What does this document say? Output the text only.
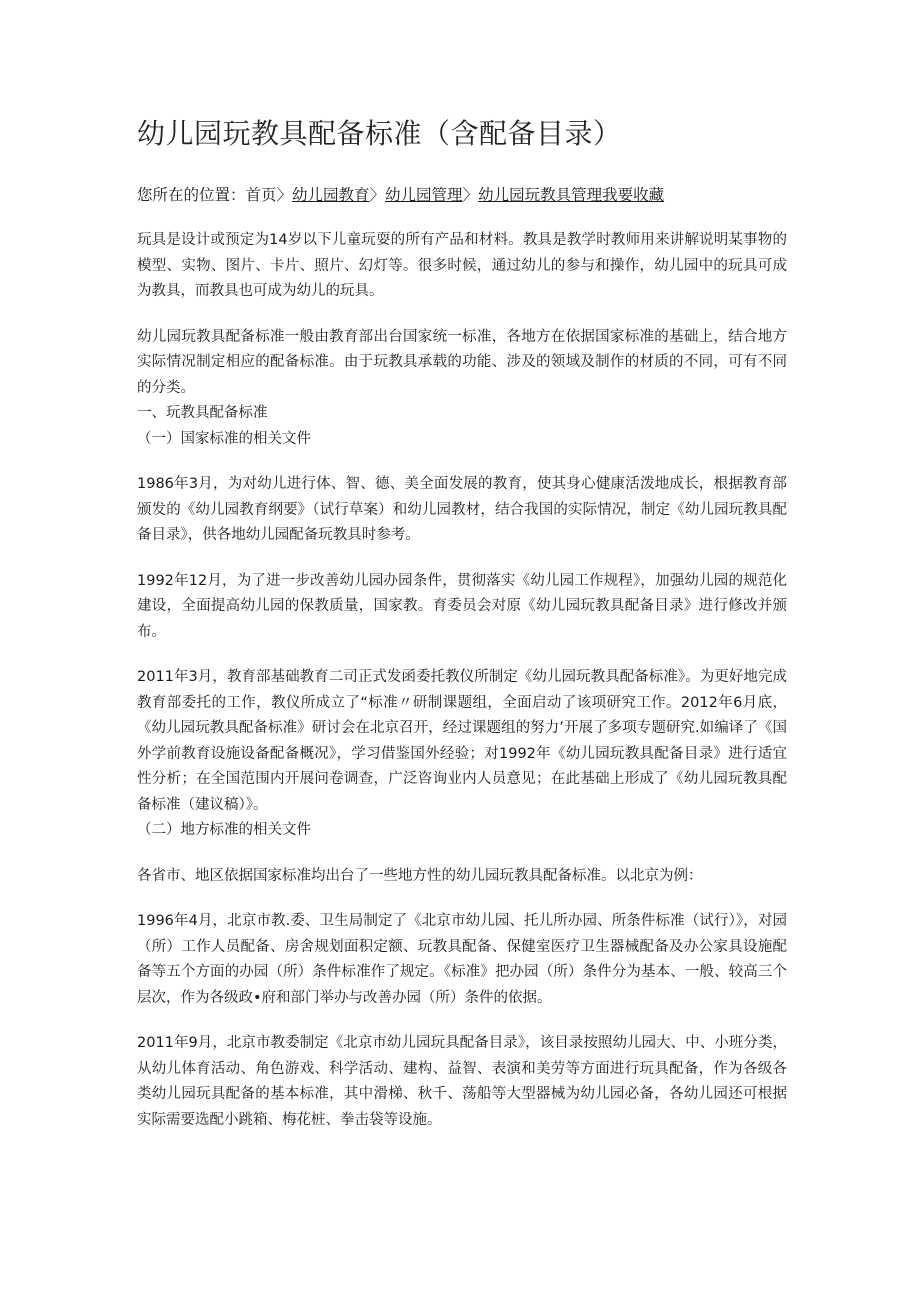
幼儿园玩教具配备标准（含配备目录）
您所在的位置：首页〉幼儿园教育〉幼儿园管理〉幼儿园玩教具管理我要收藏

玩具是设计或预定为14岁以下儿童玩耍的所有产品和材料。教具是教学时教师用来讲解说明某事物的模型、实物、图片、卡片、照片、幻灯等。很多时候，通过幼儿的参与和操作，幼儿园中的玩具可成为教具，而教具也可成为幼儿的玩具。

幼儿园玩教具配备标准一般由教育部出台国家统一标准，各地方在依据国家标准的基础上，结合地方实际情况制定相应的配备标准。由于玩教具承载的功能、涉及的领域及制作的材质的不同，可有不同的分类。

一、玩教具配备标准

（一）国家标准的相关文件

1986年3月，为对幼儿进行体、智、德、美全面发展的教育，使其身心健康活泼地成长，根据教育部颁发的《幼儿园教育纲要》（试行草案）和幼儿园教材，结合我国的实际情况，制定《幼儿园玩教具配备目录》，供各地幼儿园配备玩教具时参考。

1992年12月，为了进一步改善幼儿园办园条件，贯彻落实《幼儿园工作规程》，加强幼儿园的规范化建设，全面提高幼儿园的保教质量，国家教。育委员会对原《幼儿园玩教具配备目录》进行修改并颁布。

2011年3月，教育部基础教育二司正式发函委托教仪所制定《幼儿园玩教具配备标准》。为更好地完成教育部委托的工作，教仪所成立了“标准〃研制课题组，全面启动了该项研究工作。2012年6月底，《幼儿园玩教具配备标准》研讨会在北京召开，经过课题组的努力’开展了多项专题研究.如编译了《国外学前教育设施设备配备概况》，学习借鉴国外经验；对1992年《幼儿园玩教具配备目录》进行适宜性分析；在全国范围内开展问卷调查，广泛咨询业内人员意见；在此基础上形成了《幼儿园玩教具配备标准（建议稿）》。

（二）地方标准的相关文件

各省市、地区依据国家标准均出台了一些地方性的幼儿园玩教具配备标准。以北京为例：

1996年4月，北京市教.委、卫生局制定了《北京市幼儿园、托儿所办园、所条件标准（试行）》，对园（所）工作人员配备、房舍规划面积定额、玩教具配备、保健室医疗卫生器械配备及办公家具设施配备等五个方面的办园（所）条件标准作了规定。《标准》把办园（所）条件分为基本、一般、较高三个层次，作为各级政•府和部门举办与改善办园（所）条件的依据。

2011年9月，北京市教委制定《北京市幼儿园玩具配备目录》，该目录按照幼儿园大、中、小班分类，从幼儿体育活动、角色游戏、科学活动、建构、益智、表演和美劳等方面进行玩具配备，作为各级各类幼儿园玩具配备的基本标准，其中滑梯、秋千、荡船等大型器械为幼儿园必备，各幼儿园还可根据实际需要选配小跳箱、梅花桩、拳击袋等设施。
